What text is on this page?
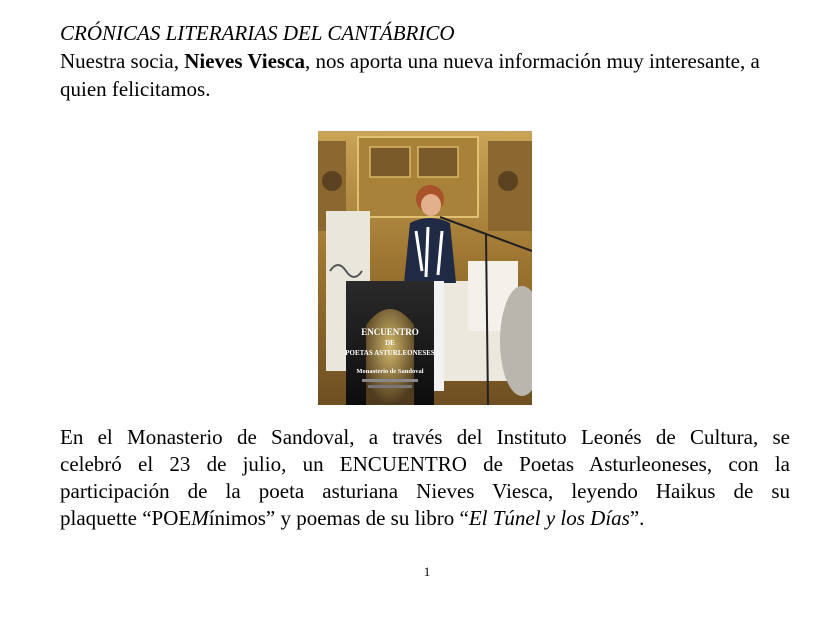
CRÓNICAS LITERARIAS DEL CANTÁBRICO

Nuestra socia, Nieves Viesca, nos aporta una nueva información muy interesante, a quien felicitamos.

ENCUENTRO
DE
POETAS ASTURLEONESES
Monasterio de Sandoval
En el Monasterio de Sandoval, a través del Instituto Leonés de Cultura, se
celebró el 23 de julio, un ENCUENTRO de Poetas Asturleoneses, con la
participación de la poeta asturiana Nieves Viesca, leyendo Haikus de su
plaquette “POEMínimos” y poemas de su libro “El Túnel y los Días”.
1
